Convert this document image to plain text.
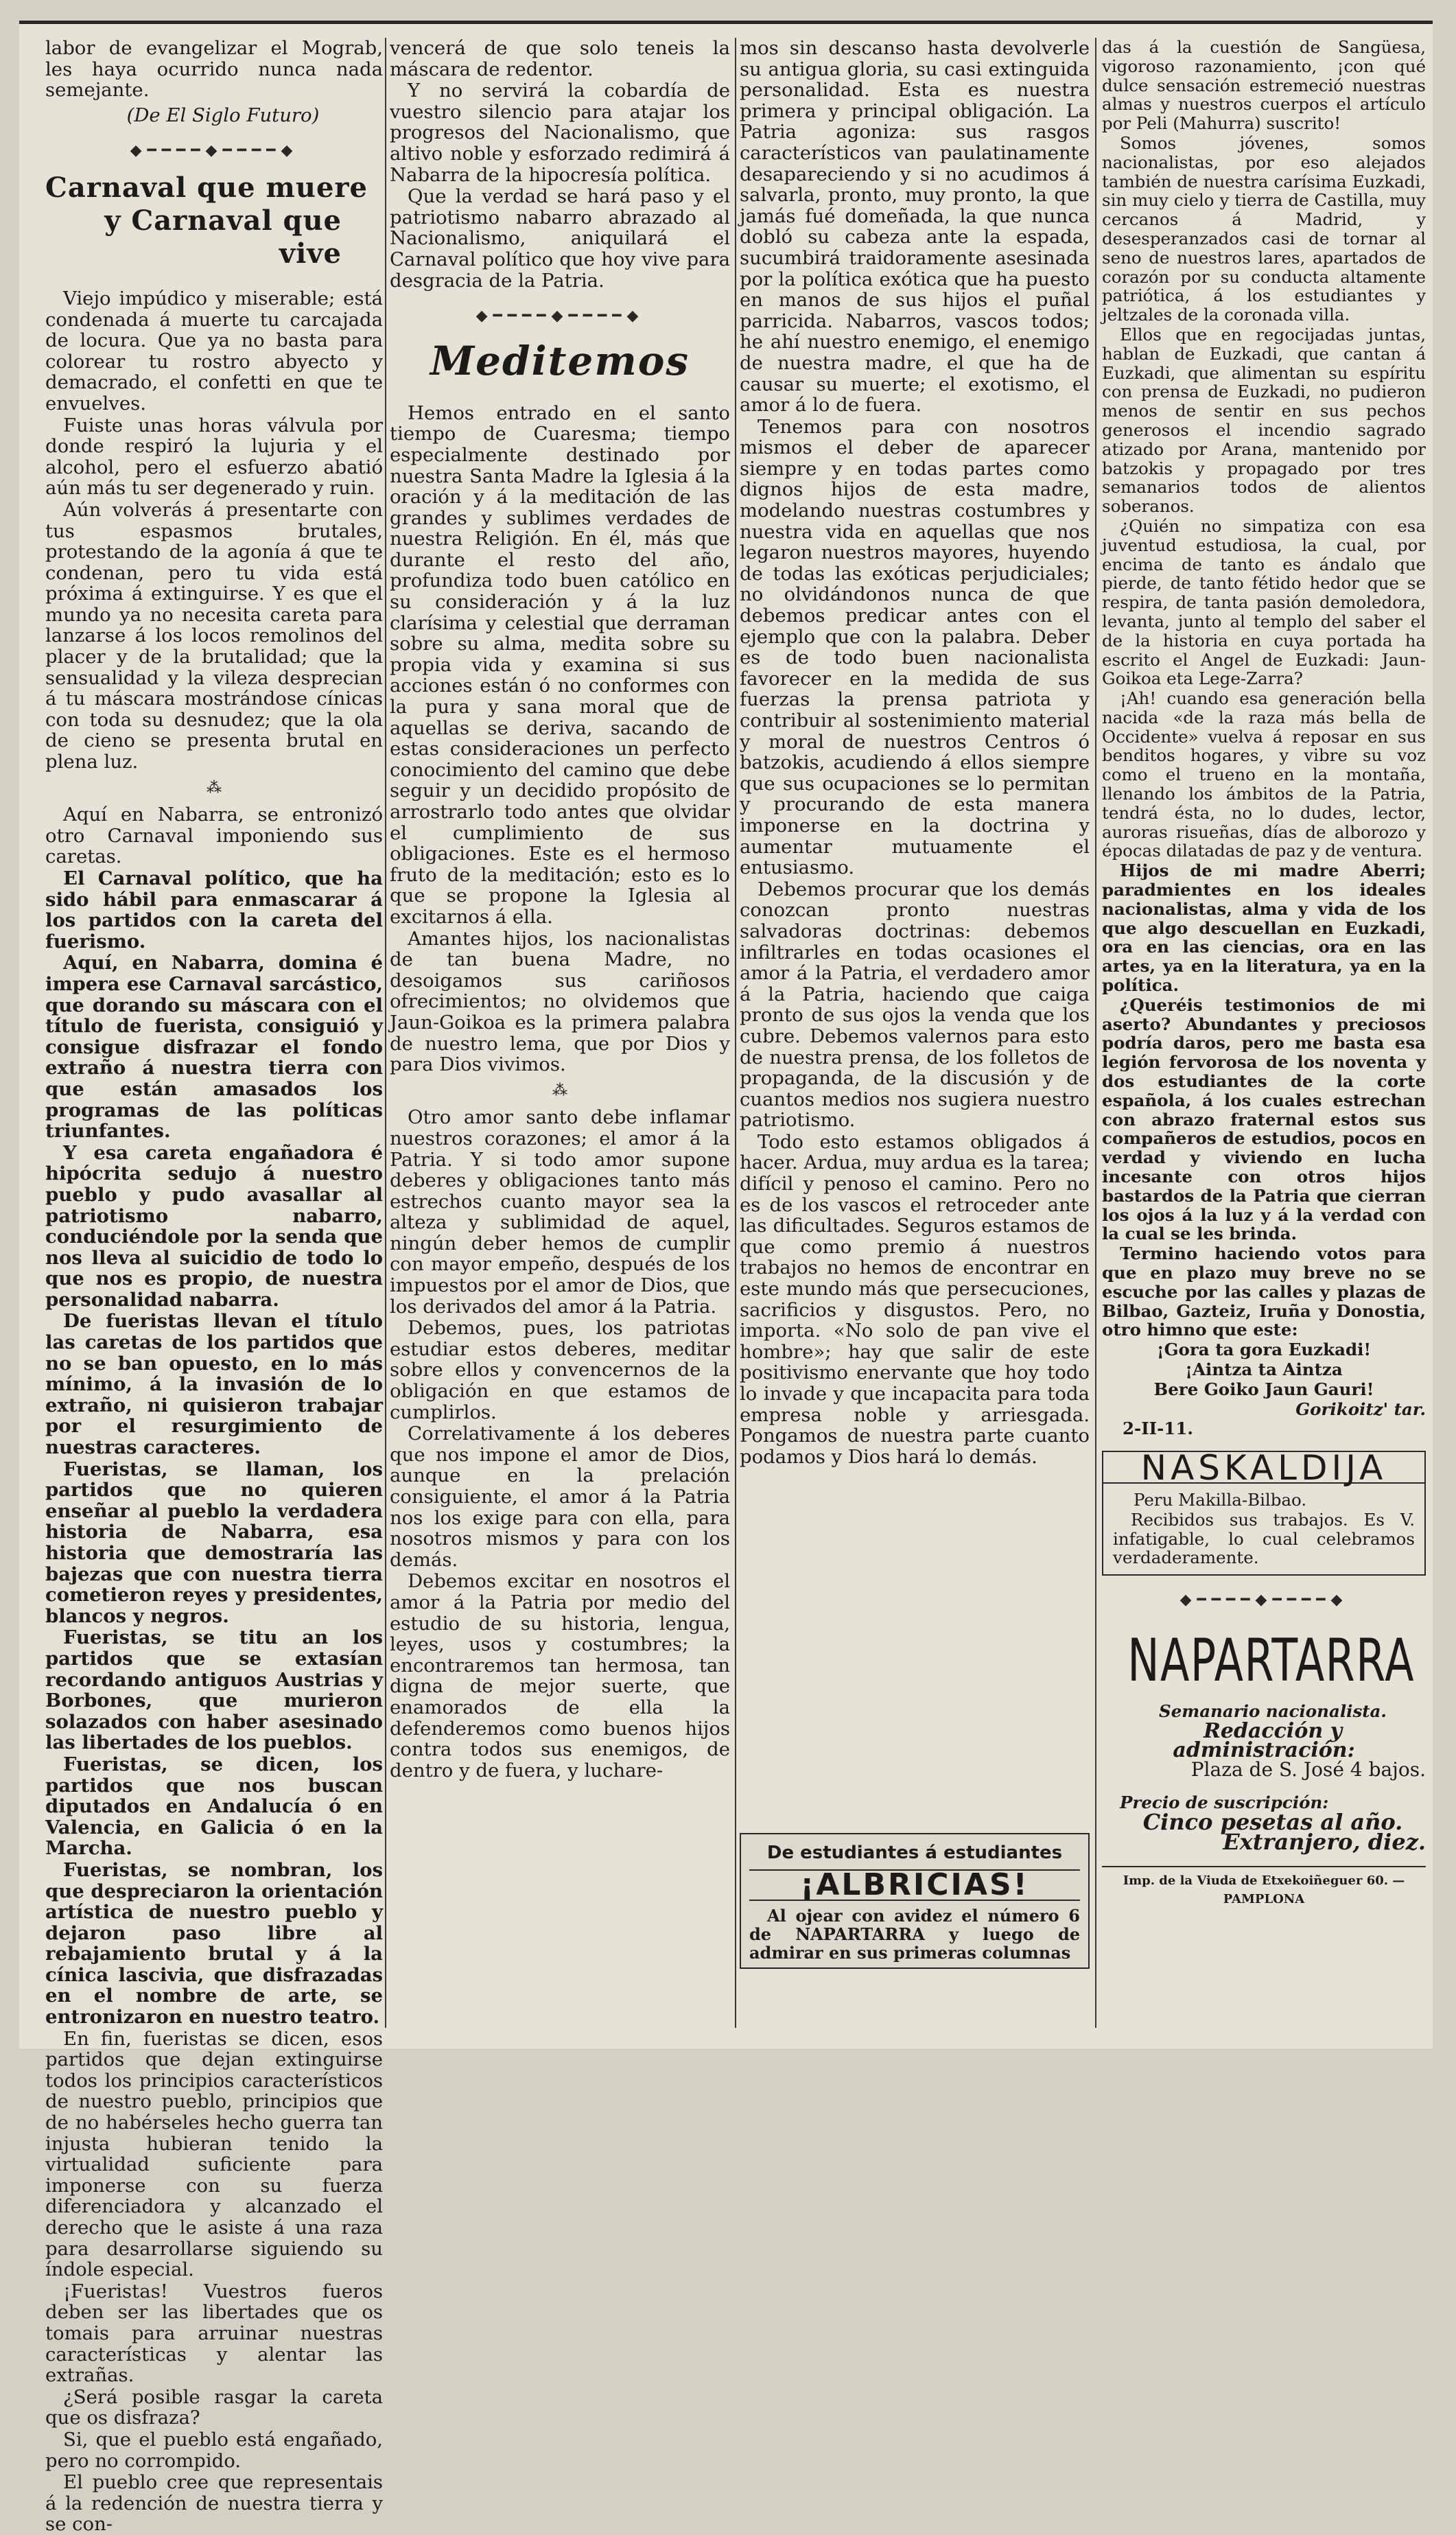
labor de evangelizar el Mograb, les haya ocurrido nunca nada semejante.

(De El Siglo Futuro)

◆━━━━◆━━━━◆
Carnaval que muere
y Carnaval que vive

Viejo impúdico y miserable; está condenada á muerte tu carcajada de locura. Que ya no basta para colorear tu rostro abyecto y demacrado, el confetti en que te envuelves.

Fuiste unas horas válvula por donde respiró la lujuria y el alcohol, pero el esfuerzo abatió aún más tu ser degenerado y ruin.

Aún volverás á presentarte con tus espasmos brutales, protestando de la agonía á que te condenan, pero tu vida está próxima á extinguirse. Y es que el mundo ya no necesita careta para lanzarse á los locos remolinos del placer y de la brutalidad; que la sensualidad y la vileza desprecian á tu máscara mostrándose cínicas con toda su desnudez; que la ola de cieno se presenta brutal en plena luz.

⁂

Aquí en Nabarra, se entronizó otro Carnaval imponiendo sus caretas.

El Carnaval político, que ha sido hábil para enmascarar á los partidos con la careta del fuerismo.

Aquí, en Nabarra, domina é impera ese Carnaval sarcástico, que dorando su máscara con el título de fuerista, consiguió y consigue disfrazar el fondo extraño á nuestra tierra con que están amasados los programas de las políticas triunfantes.

Y esa careta engañadora é hipócrita sedujo á nuestro pueblo y pudo avasallar al patriotismo nabarro, conduciéndole por la senda que nos lleva al suicidio de todo lo que nos es propio, de nuestra personalidad nabarra.

De fueristas llevan el título las caretas de los partidos que no se ban opuesto, en lo más mínimo, á la invasión de lo extraño, ni quisieron trabajar por el resurgimiento de nuestras caracteres.

Fueristas, se llaman, los partidos que no quieren enseñar al pueblo la verdadera historia de Nabarra, esa historia que demostraría las bajezas que con nuestra tierra cometieron reyes y presidentes, blancos y negros.

Fueristas, se titu an los partidos que se extasían recordando antiguos Austrias y Borbones, que murieron solazados con haber asesinado las libertades de los pueblos.

Fueristas, se dicen, los partidos que nos buscan diputados en Andalucía ó en Valencia, en Galicia ó en la Marcha.

Fueristas, se nombran, los que despreciaron la orientación artística de nuestro pueblo y dejaron paso libre al rebajamiento brutal y á la cínica lascivia, que disfrazadas en el nombre de arte, se entronizaron en nuestro teatro.

En fin, fueristas se dicen, esos partidos que dejan extinguirse todos los principios característicos de nuestro pueblo, principios que de no habérseles hecho guerra tan injusta hubieran tenido la virtualidad suficiente para imponerse con su fuerza diferenciadora y alcanzado el derecho que le asiste á una raza para desarrollarse siguiendo su índole especial.

¡Fueristas! Vuestros fueros deben ser las libertades que os tomais para arruinar nuestras características y alentar las extrañas.

¿Será posible rasgar la careta que os disfraza?

Si, que el pueblo está engañado, pero no corrompido.

El pueblo cree que representais á la redención de nuestra tierra y se con-

vencerá de que solo teneis la máscara de redentor.

Y no servirá la cobardía de vuestro silencio para atajar los progresos del Nacionalismo, que altivo noble y esforzado redimirá á Nabarra de la hipocresía política.

Que la verdad se hará paso y el patriotismo nabarro abrazado al Nacionalismo, aniquilará el Carnaval político que hoy vive para desgracia de la Patria.

◆━━━━◆━━━━◆
Meditemos

Hemos entrado en el santo tiempo de Cuaresma; tiempo especialmente destinado por nuestra Santa Madre la Iglesia á la oración y á la meditación de las grandes y sublimes verdades de nuestra Religión. En él, más que durante el resto del año, profundiza todo buen católico en su consideración y á la luz clarísima y celestial que derraman sobre su alma, medita sobre su propia vida y examina si sus acciones están ó no conformes con la pura y sana moral que de aquellas se deriva, sacando de estas consideraciones un perfecto conocimiento del camino que debe seguir y un decidido propósito de arrostrarlo todo antes que olvidar el cumplimiento de sus obligaciones. Este es el hermoso fruto de la meditación; esto es lo que se propone la Iglesia al excitarnos á ella.

Amantes hijos, los nacionalistas de tan buena Madre, no desoigamos sus cariñosos ofrecimientos; no olvidemos que Jaun-Goikoa es la primera palabra de nuestro lema, que por Dios y para Dios vivimos.

⁂

Otro amor santo debe inflamar nuestros corazones; el amor á la Patria. Y si todo amor supone deberes y obligaciones tanto más estrechos cuanto mayor sea la alteza y sublimidad de aquel, ningún deber hemos de cumplir con mayor empeño, después de los impuestos por el amor de Dios, que los derivados del amor á la Patria.

Debemos, pues, los patriotas estudiar estos deberes, meditar sobre ellos y convencernos de la obligación en que estamos de cumplirlos.

Correlativamente á los deberes que nos impone el amor de Dios, aunque en la prelación consiguiente, el amor á la Patria nos los exige para con ella, para nosotros mismos y para con los demás.

Debemos excitar en nosotros el amor á la Patria por medio del estudio de su historia, lengua, leyes, usos y costumbres; la encontraremos tan hermosa, tan digna de mejor suerte, que enamorados de ella la defenderemos como buenos hijos contra todos sus enemigos, de dentro y de fuera, y luchare-

mos sin descanso hasta devolverle su antigua gloria, su casi extinguida personalidad. Esta es nuestra primera y principal obligación. La Patria agoniza: sus rasgos característicos van paulatinamente desapareciendo y si no acudimos á salvarla, pronto, muy pronto, la que jamás fué domeñada, la que nunca dobló su cabeza ante la espada, sucumbirá traidoramente asesinada por la política exótica que ha puesto en manos de sus hijos el puñal parricida. Nabarros, vascos todos; he ahí nuestro enemigo, el enemigo de nuestra madre, el que ha de causar su muerte; el exotismo, el amor á lo de fuera.

Tenemos para con nosotros mismos el deber de aparecer siempre y en todas partes como dignos hijos de esta madre, modelando nuestras costumbres y nuestra vida en aquellas que nos legaron nuestros mayores, huyendo de todas las exóticas perjudiciales; no olvidándonos nunca de que debemos predicar antes con el ejemplo que con la palabra. Deber es de todo buen nacionalista favorecer en la medida de sus fuerzas la prensa patriota y contribuir al sostenimiento material y moral de nuestros Centros ó batzokis, acudiendo á ellos siempre que sus ocupaciones se lo permitan y procurando de esta manera imponerse en la doctrina y aumentar mutuamente el entusiasmo.

Debemos procurar que los demás conozcan pronto nuestras salvadoras doctrinas: debemos infiltrarles en todas ocasiones el amor á la Patria, el verdadero amor á la Patria, haciendo que caiga pronto de sus ojos la venda que los cubre. Debemos valernos para esto de nuestra prensa, de los folletos de propaganda, de la discusión y de cuantos medios nos sugiera nuestro patriotismo.

Todo esto estamos obligados á hacer. Ardua, muy ardua es la tarea; difícil y penoso el camino. Pero no es de los vascos el retroceder ante las dificultades. Seguros estamos de que como premio á nuestros trabajos no hemos de encontrar en este mundo más que persecuciones, sacrificios y disgustos. Pero, no importa. «No solo de pan vive el hombre»; hay que salir de este positivismo enervante que hoy todo lo invade y que incapacita para toda empresa noble y arriesgada. Pongamos de nuestra parte cuanto podamos y Dios hará lo demás.

De estudiantes á estudiantes
¡ALBRICIAS!

Al ojear con avidez el número 6 de NAPARTARRA y luego de admirar en sus primeras columnas

das á la cuestión de Sangüesa, vigoroso razonamiento, ¡con qué dulce sensación estremeció nuestras almas y nuestros cuerpos el artículo por Peli (Mahurra) suscrito!

Somos jóvenes, somos nacionalistas, por eso alejados también de nuestra carísima Euzkadi, sin muy cielo y tierra de Castilla, muy cercanos á Madrid, y desesperanzados casi de tornar al seno de nuestros lares, apartados de corazón por su conducta altamente patriótica, á los estudiantes y jeltzales de la coronada villa.

Ellos que en regocijadas juntas, hablan de Euzkadi, que cantan á Euzkadi, que alimentan su espíritu con prensa de Euzkadi, no pudieron menos de sentir en sus pechos generosos el incendio sagrado atizado por Arana, mantenido por batzokis y propagado por tres semanarios todos de alientos soberanos.

¿Quién no simpatiza con esa juventud estudiosa, la cual, por encima de tanto es ándalo que pierde, de tanto fétido hedor que se respira, de tanta pasión demoledora, levanta, junto al templo del saber el de la historia en cuya portada ha escrito el Angel de Euzkadi: Jaun-Goikoa eta Lege-Zarra?

¡Ah! cuando esa generación bella nacida «de la raza más bella de Occidente» vuelva á reposar en sus benditos hogares, y vibre su voz como el trueno en la montaña, llenando los ámbitos de la Patria, tendrá ésta, no lo dudes, lector, auroras risueñas, días de alborozo y épocas dilatadas de paz y de ventura.

Hijos de mi madre Aberri; paradmientes en los ideales nacionalistas, alma y vida de los que algo descuellan en Euzkadi, ora en las ciencias, ora en las artes, ya en la literatura, ya en la política.

¿Queréis testimonios de mi aserto? Abundantes y preciosos podría daros, pero me basta esa legión fervorosa de los noventa y dos estudiantes de la corte española, á los cuales estrechan con abrazo fraternal estos sus compañeros de estudios, pocos en verdad y viviendo en lucha incesante con otros hijos bastardos de la Patria que cierran los ojos á la luz y á la verdad con la cual se les brinda.

Termino haciendo votos para que en plazo muy breve no se escuche por las calles y plazas de Bilbao, Gazteiz, Iruña y Donostia, otro himno que este:

¡Gora ta gora Euzkadi!

¡Aintza ta Aintza

Bere Goiko Jaun Gauri!

Gorikoitz' tar.

2-II-11.

NASKALDIJA

Peru Makilla-Bilbao.

Recibidos sus trabajos. Es V. infatigable, lo cual celebramos verdaderamente.

◆━━━━◆━━━━◆
NAPARTARRA

Semanario nacionalista.

Redacción y administración:

Plaza de S. José 4 bajos.

Precio de suscripción:

Cinco pesetas al año.

Extranjero, diez.

Imp. de la Viuda de Etxekoiñeguer 60. — PAMPLONA
